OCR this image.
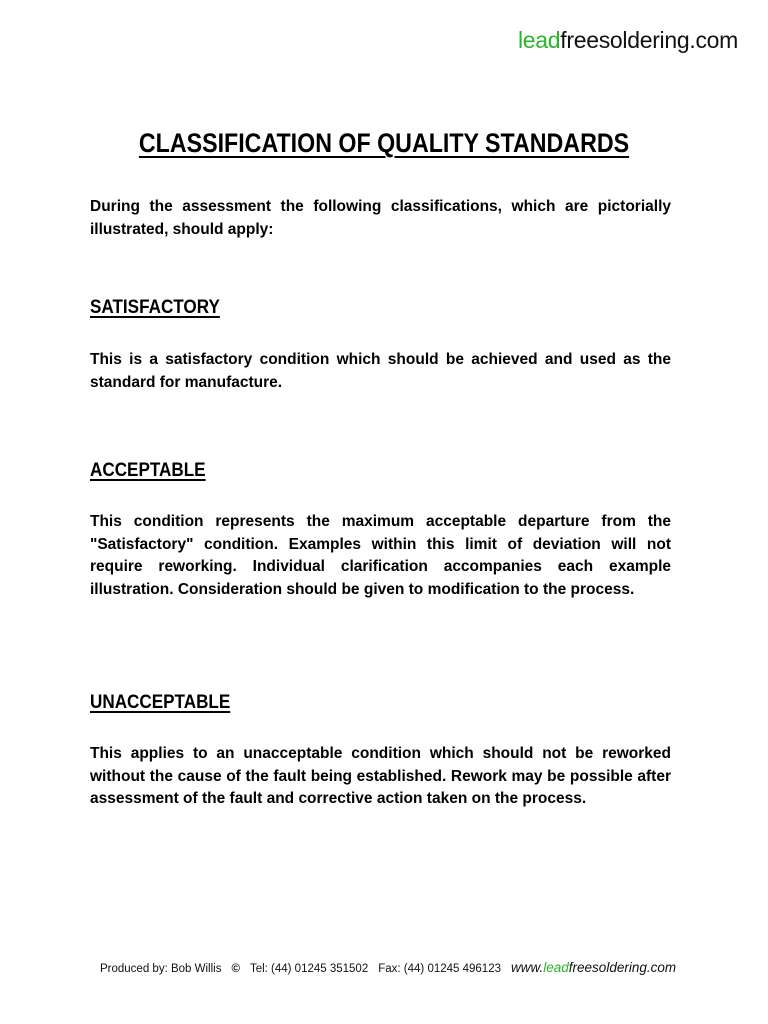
leadfreesoldering.com
CLASSIFICATION OF QUALITY STANDARDS

During the assessment the following classifications, which are pictorially illustrated, should apply:

SATISFACTORY

This is a satisfactory condition which should be achieved and used as the standard for manufacture.

ACCEPTABLE

This condition represents the maximum acceptable departure from the "Satisfactory" condition. Examples within this limit of deviation will not require reworking. Individual clarification accompanies each example illustration. Consideration should be given to modification to the process.

UNACCEPTABLE

This applies to an unacceptable condition which should not be reworked without the cause of the fault being established. Rework may be possible after assessment of the fault and corrective action taken on the process.

Produced by: Bob Willis © Tel: (44) 01245 351502 Fax: (44) 01245 496123 www.leadfreesoldering.com
